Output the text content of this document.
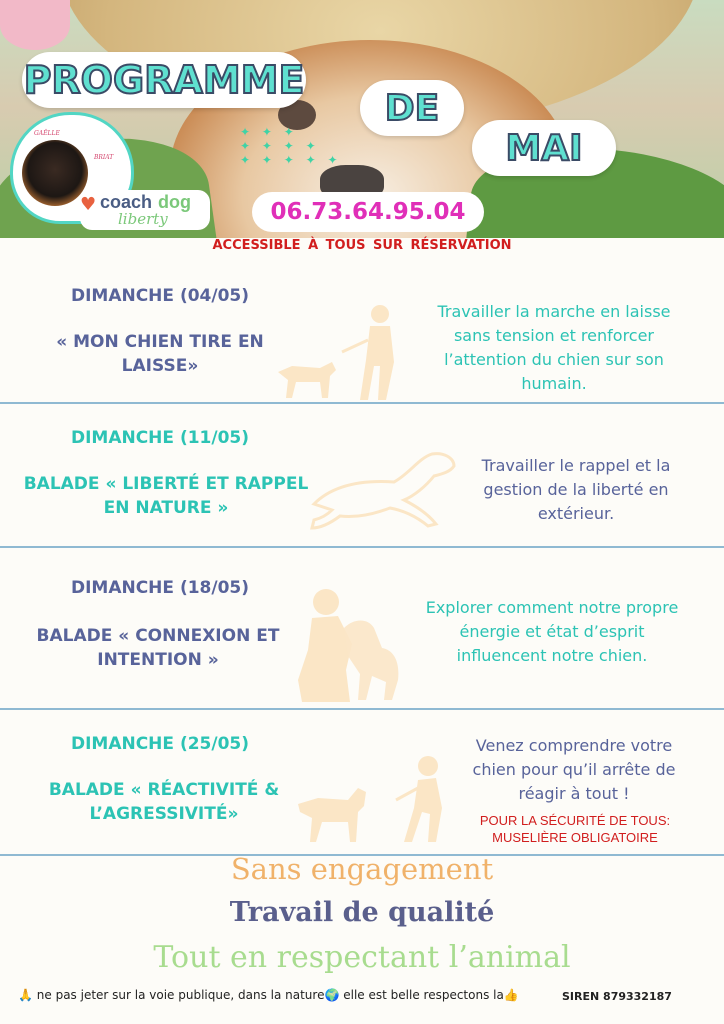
✦ ✦ ✦
✦ ✦ ✦ ✦
✦ ✦ ✦ ✦ ✦
PROGRAMME
DE
MAI
GAËLLE
BRIAT
♥ coach dog
liberty	06.73.64.95.04
ACCESSIBLE À TOUS SUR RÉSERVATION
DIMANCHE (04/05)
« MON CHIEN TIRE EN
LAISSE»
Travailler la marche en laisse
sans tension et renforcer
l’attention du chien sur son
humain.
DIMANCHE (11/05)
BALADE « LIBERTÉ ET RAPPEL
EN NATURE »
Travailler le rappel et la
gestion de la liberté en
extérieur.
DIMANCHE (18/05)
BALADE « CONNEXION ET
INTENTION »
Explorer comment notre propre
énergie et état d’esprit
influencent notre chien.
DIMANCHE (25/05)
BALADE « RÉACTIVITÉ &
L’AGRESSIVITÉ»
Venez comprendre votre
chien pour qu’il arrête de
réagir à tout !
POUR LA SÉCURITÉ DE TOUS:
MUSELIÈRE OBLIGATOIRE
Sans engagement
Travail de qualité
Tout en respectant l’animal
🙏 ne pas jeter sur la voie publique, dans la nature🌍 elle est belle respectons la👍	SIREN 879332187
